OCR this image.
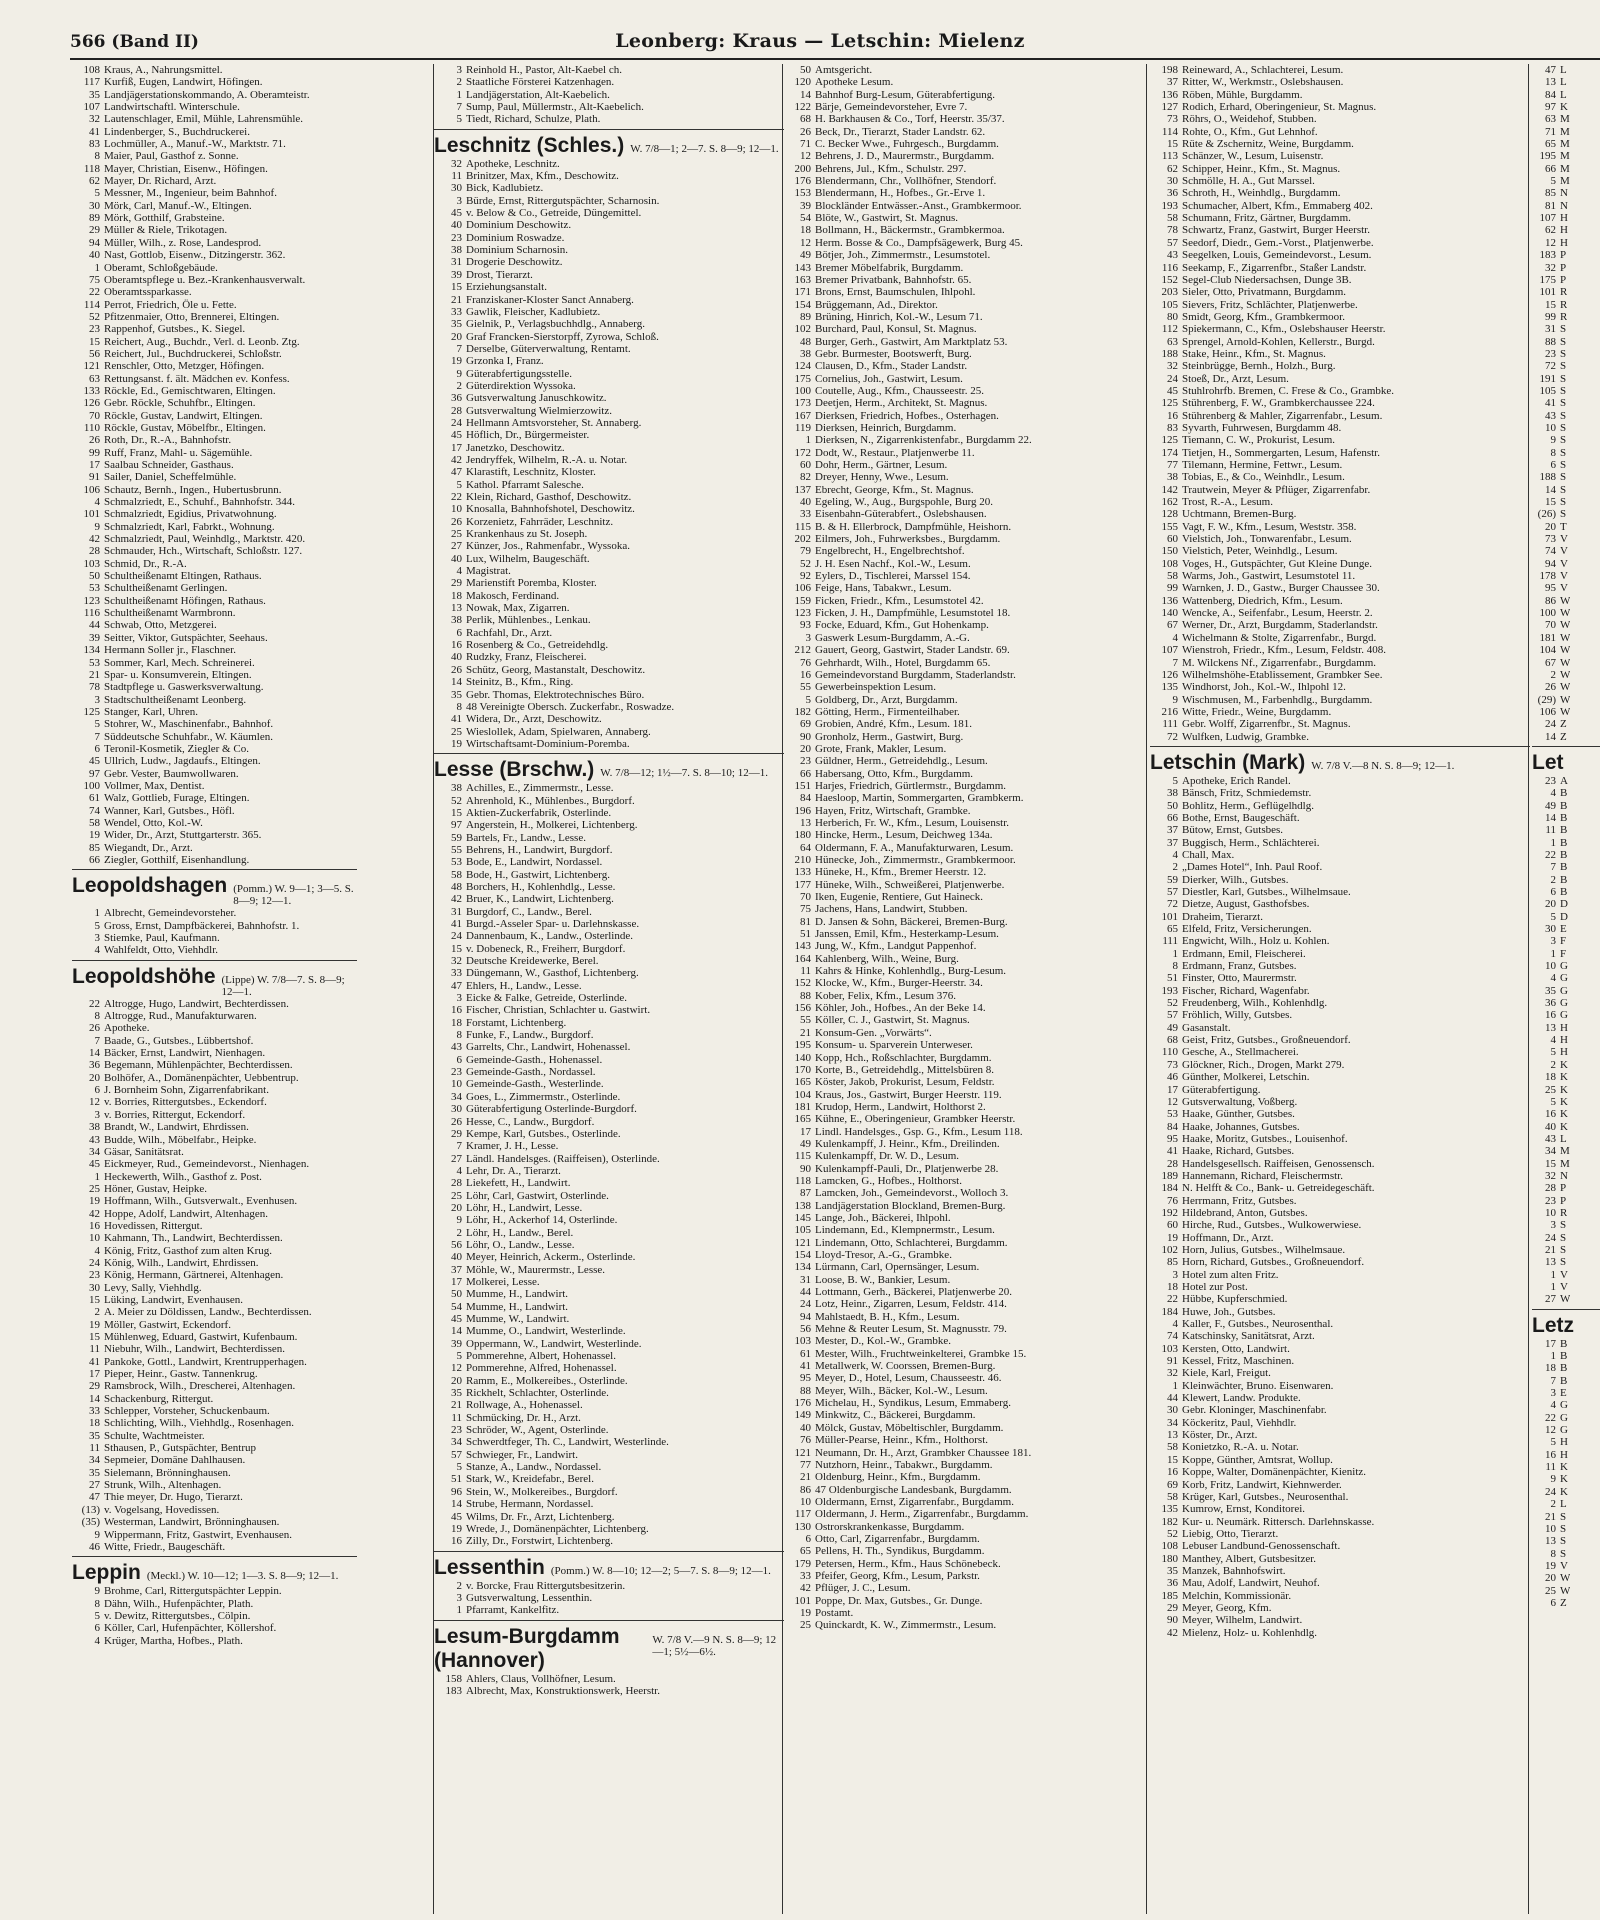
566 (Band II)	Leonberg: Kraus — Letschin: Mielenz
108 Kraus, A., Nahrungsmittel.
117 Kurfiß, Eugen, Landwirt, Höfingen.
35 Landjägerstationskommando, A. Oberamteistr.
107 Landwirtschaftl. Winterschule.
32 Lautenschlager, Emil, Mühle, Lahrensmühle.
41 Lindenberger, S., Buchdruckerei.
83 Lochmüller, A., Manuf.-W., Marktstr. 71.
8 Maier, Paul, Gasthof z. Sonne.
118 Mayer, Christian, Eisenw., Höfingen.
62 Mayer, Dr. Richard, Arzt.
5 Messner, M., Ingenieur, beim Bahnhof.
30 Mörk, Carl, Manuf.-W., Eltingen.
89 Mörk, Gotthilf, Grabsteine.
29 Müller & Riele, Trikotagen.
94 Müller, Wilh., z. Rose, Landesprod.
40 Nast, Gottlob, Eisenw., Ditzingerstr. 362.
1 Oberamt, Schloßgebäude.
75 Oberamtspflege u. Bez.-Krankenhausverwalt.
22 Oberamtssparkasse.
114 Perrot, Friedrich, Öle u. Fette.
52 Pfitzenmaier, Otto, Brennerei, Eltingen.
23 Rappenhof, Gutsbes., K. Siegel.
15 Reichert, Aug., Buchdr., Verl. d. Leonb. Ztg.
56 Reichert, Jul., Buchdruckerei, Schloßstr.
121 Renschler, Otto, Metzger, Höfingen.
63 Rettungsanst. f. ält. Mädchen ev. Konfess.
133 Röckle, Ed., Gemischtwaren, Eltingen.
126 Gebr. Röckle, Schuhfbr., Eltingen.
70 Röckle, Gustav, Landwirt, Eltingen.
110 Röckle, Gustav, Möbelfbr., Eltingen.
26 Roth, Dr., R.-A., Bahnhofstr.
99 Ruff, Franz, Mahl- u. Sägemühle.
17 Saalbau Schneider, Gasthaus.
91 Sailer, Daniel, Scheffelmühle.
106 Schautz, Bernh., Ingen., Hubertusbrunn.
4 Schmalzriedt, E., Schuhf., Bahnhofstr. 344.
101 Schmalzriedt, Egidius, Privatwohnung.
9 Schmalzriedt, Karl, Fabrkt., Wohnung.
42 Schmalzriedt, Paul, Weinhdlg., Marktstr. 420.
28 Schmauder, Hch., Wirtschaft, Schloßstr. 127.
103 Schmid, Dr., R.-A.
50 Schultheißenamt Eltingen, Rathaus.
53 Schultheißenamt Gerlingen.
123 Schultheißenamt Höfingen, Rathaus.
116 Schultheißenamt Warmbronn.
44 Schwab, Otto, Metzgerei.
39 Seitter, Viktor, Gutspächter, Seehaus.
134 Hermann Soller jr., Flaschner.
53 Sommer, Karl, Mech. Schreinerei.
21 Spar- u. Konsumverein, Eltingen.
78 Stadtpflege u. Gaswerksverwaltung.
3 Stadtschultheißenamt Leonberg.
125 Stanger, Karl, Uhren.
5 Stohrer, W., Maschinenfabr., Bahnhof.
7 Süddeutsche Schuhfabr., W. Käumlen.
6 Teronil-Kosmetik, Ziegler & Co.
45 Ullrich, Ludw., Jagdaufs., Eltingen.
97 Gebr. Vester, Baumwollwaren.
100 Vollmer, Max, Dentist.
61 Walz, Gottlieb, Furage, Eltingen.
74 Wanner, Karl, Gutsbes., Höfl.
58 Wendel, Otto, Kol.-W.
19 Wider, Dr., Arzt, Stuttgarterstr. 365.
85 Wiegandt, Dr., Arzt.
66 Ziegler, Gotthilf, Eisenhandlung.
Leopoldshagen (Pomm.) W. 9—1; 3—5. S. 8—9; 12—1.
1 Albrecht, Gemeindevorsteher.
5 Gross, Ernst, Dampfbäckerei, Bahnhofstr. 1.
3 Stiemke, Paul, Kaufmann.
4 Wahlfeldt, Otto, Viehhdlr.
Leopoldshöhe (Lippe) W. 7/8—7. S. 8—9; 12—1.
22 Altrogge, Hugo, Landwirt, Bechterdissen.
8 Altrogge, Rud., Manufakturwaren.
26 Apotheke.
7 Baade, G., Gutsbes., Lübbertshof.
14 Bäcker, Ernst, Landwirt, Nienhagen.
36 Begemann, Mühlenpächter, Bechterdissen.
20 Bolhöfer, A., Domänenpächter, Uebbentrup.
6 J. Bornheim Sohn, Zigarrenfabrikant.
12 v. Borries, Rittergutsbes., Eckendorf.
3 v. Borries, Rittergut, Eckendorf.
38 Brandt, W., Landwirt, Ehrdissen.
43 Budde, Wilh., Möbelfabr., Heipke.
34 Gäsar, Sanitätsrat.
45 Eickmeyer, Rud., Gemeindevorst., Nienhagen.
1 Heckewerth, Wilh., Gasthof z. Post.
25 Höner, Gustav, Heipke.
19 Hoffmann, Wilh., Gutsverwalt., Evenhusen.
42 Hoppe, Adolf, Landwirt, Altenhagen.
16 Hovedissen, Rittergut.
10 Kahmann, Th., Landwirt, Bechterdissen.
4 König, Fritz, Gasthof zum alten Krug.
24 König, Wilh., Landwirt, Ehrdissen.
23 König, Hermann, Gärtnerei, Altenhagen.
30 Levy, Sally, Viehhdlg.
15 Lüking, Landwirt, Evenhausen.
2 A. Meier zu Döldissen, Landw., Bechterdissen.
19 Möller, Gastwirt, Eckendorf.
15 Mühlenweg, Eduard, Gastwirt, Kufenbaum.
11 Niebuhr, Wilh., Landwirt, Bechterdissen.
41 Pankoke, Gottl., Landwirt, Krentrupperhagen.
17 Pieper, Heinr., Gastw. Tannenkrug.
29 Ramsbrock, Wilh., Drescherei, Altenhagen.
14 Schackenburg, Rittergut.
33 Schlepper, Vorsteher, Schuckenbaum.
18 Schlichting, Wilh., Viehhdlg., Rosenhagen.
35 Schulte, Wachtmeister.
11 Sthausen, P., Gutspächter, Bentrup
34 Sepmeier, Domäne Dahlhausen.
35 Sielemann, Brönninghausen.
27 Strunk, Wilh., Altenhagen.
47 Thie meyer, Dr. Hugo, Tierarzt.
(13) v. Vogelsang, Hovedissen.
(35) Westerman, Landwirt, Brönninghausen.
9 Wippermann, Fritz, Gastwirt, Evenhausen.
46 Witte, Friedr., Baugeschäft.
Leppin (Meckl.) W. 10—12; 1—3. S. 8—9; 12—1.
9 Brohme, Carl, Rittergutspächter Leppin.
8 Dähn, Wilh., Hufenpächter, Plath.
5 v. Dewitz, Rittergutsbes., Cölpin.
6 Köller, Carl, Hufenpächter, Köllershof.
4 Krüger, Martha, Hofbes., Plath.
3 Reinhold H., Pastor, Alt-Kaebel ch.
2 Staatliche Försterei Katzenhagen.
1 Landjägerstation, Alt-Kaebelich.
7 Sump, Paul, Müllermstr., Alt-Kaebelich.
5 Tiedt, Richard, Schulze, Plath.
Leschnitz (Schles.) W. 7/8—1; 2—7. S. 8—9; 12—1.
32 Apotheke, Leschnitz.
11 Brinitzer, Max, Kfm., Deschowitz.
30 Bick, Kadlubietz.
3 Bürde, Ernst, Rittergutspächter, Scharnosin.
45 v. Below & Co., Getreide, Düngemittel.
40 Dominium Deschowitz.
23 Dominium Roswadze.
38 Dominium Scharnosin.
31 Drogerie Deschowitz.
39 Drost, Tierarzt.
15 Erziehungsanstalt.
21 Franziskaner-Kloster Sanct Annaberg.
33 Gawlik, Fleischer, Kadlubietz.
35 Gielnik, P., Verlagsbuchhdlg., Annaberg.
20 Graf Francken-Sierstorpff, Zyrowa, Schloß.
7 Derselbe, Güterverwaltung, Rentamt.
19 Grzonka I, Franz.
9 Güterabfertigungsstelle.
2 Güterdirektion Wyssoka.
36 Gutsverwaltung Januschkowitz.
28 Gutsverwaltung Wielmierzowitz.
24 Hellmann Amtsvorsteher, St. Annaberg.
45 Höflich, Dr., Bürgermeister.
17 Janetzko, Deschowitz.
42 Jendryffek, Wilhelm, R.-A. u. Notar.
47 Klarastift, Leschnitz, Kloster.
5 Kathol. Pfarramt Salesche.
22 Klein, Richard, Gasthof, Deschowitz.
10 Knosalla, Bahnhofshotel, Deschowitz.
26 Korzenietz, Fahrräder, Leschnitz.
25 Krankenhaus zu St. Joseph.
27 Künzer, Jos., Rahmenfabr., Wyssoka.
40 Lux, Wilhelm, Baugeschäft.
4 Magistrat.
29 Marienstift Poremba, Kloster.
18 Makosch, Ferdinand.
13 Nowak, Max, Zigarren.
38 Perlik, Mühlenbes., Lenkau.
6 Rachfahl, Dr., Arzt.
16 Rosenberg & Co., Getreidehdlg.
40 Rudzky, Franz, Fleischerei.
26 Schütz, Georg, Mastanstalt, Deschowitz.
14 Steinitz, B., Kfm., Ring.
35 Gebr. Thomas, Elektrotechnisches Büro.
8 48 Vereinigte Obersch. Zuckerfabr., Roswadze.
41 Widera, Dr., Arzt, Deschowitz.
25 Wieslollek, Adam, Spielwaren, Annaberg.
19 Wirtschaftsamt-Dominium-Poremba.
Lesse (Brschw.) W. 7/8—12; 1½—7. S. 8—10; 12—1.
38 Achilles, E., Zimmermstr., Lesse.
52 Ahrenhold, K., Mühlenbes., Burgdorf.
15 Aktien-Zuckerfabrik, Osterlinde.
97 Angerstein, H., Molkerei, Lichtenberg.
59 Bartels, Fr., Landw., Lesse.
55 Behrens, H., Landwirt, Burgdorf.
53 Bode, E., Landwirt, Nordassel.
58 Bode, H., Gastwirt, Lichtenberg.
48 Borchers, H., Kohlenhdlg., Lesse.
42 Bruer, K., Landwirt, Lichtenberg.
31 Burgdorf, C., Landw., Berel.
41 Burgd.-Asseler Spar- u. Darlehnskasse.
24 Dannenbaum, K., Landw., Osterlinde.
15 v. Dobeneck, R., Freiherr, Burgdorf.
32 Deutsche Kreidewerke, Berel.
33 Düngemann, W., Gasthof, Lichtenberg.
47 Ehlers, H., Landw., Lesse.
3 Eicke & Falke, Getreide, Osterlinde.
16 Fischer, Christian, Schlachter u. Gastwirt.
18 Forstamt, Lichtenberg.
8 Funke, F., Landw., Burgdorf.
43 Garrelts, Chr., Landwirt, Hohenassel.
6 Gemeinde-Gasth., Hohenassel.
23 Gemeinde-Gasth., Nordassel.
10 Gemeinde-Gasth., Westerlinde.
34 Goes, L., Zimmermstr., Osterlinde.
30 Güterabfertigung Osterlinde-Burgdorf.
26 Hesse, C., Landw., Burgdorf.
29 Kempe, Karl, Gutsbes., Osterlinde.
7 Kramer, J. H., Lesse.
27 Ländl. Handelsges. (Raiffeisen), Osterlinde.
4 Lehr, Dr. A., Tierarzt.
28 Liekefett, H., Landwirt.
25 Löhr, Carl, Gastwirt, Osterlinde.
20 Löhr, H., Landwirt, Lesse.
9 Löhr, H., Ackerhof 14, Osterlinde.
2 Löhr, H., Landw., Berel.
56 Löhr, O., Landw., Lesse.
40 Meyer, Heinrich, Ackerm., Osterlinde.
37 Möhle, W., Maurermstr., Lesse.
17 Molkerei, Lesse.
50 Mumme, H., Landwirt.
54 Mumme, H., Landwirt.
45 Mumme, W., Landwirt.
14 Mumme, O., Landwirt, Westerlinde.
39 Oppermann, W., Landwirt, Westerlinde.
5 Pommerehne, Albert, Hohenassel.
12 Pommerehne, Alfred, Hohenassel.
20 Ramm, E., Molkereibes., Osterlinde.
35 Rickhelt, Schlachter, Osterlinde.
21 Rollwage, A., Hohenassel.
11 Schmücking, Dr. H., Arzt.
23 Schröder, W., Agent, Osterlinde.
34 Schwerdtfeger, Th. C., Landwirt, Westerlinde.
57 Schwieger, Fr., Landwirt.
5 Stanze, A., Landw., Nordassel.
51 Stark, W., Kreidefabr., Berel.
96 Stein, W., Molkereibes., Burgdorf.
14 Strube, Hermann, Nordassel.
45 Wilms, Dr. Fr., Arzt, Lichtenberg.
19 Wrede, J., Domänenpächter, Lichtenberg.
16 Zilly, Dr., Forstwirt, Lichtenberg.
Lessenthin (Pomm.) W. 8—10; 12—2; 5—7. S. 8—9; 12—1.
2 v. Borcke, Frau Rittergutsbesitzerin.
3 Gutsverwaltung, Lessenthin.
1 Pfarramt, Kankelfitz.
Lesum-Burgdamm (Hannover)
W. 7/8 V.—9 N. S. 8—9; 12—1; 5½—6½.
158 Ahlers, Claus, Vollhöfner, Lesum.
183 Albrecht, Max, Konstruktionswerk, Heerstr.
50 Amtsgericht.
120 Apotheke Lesum.
14 Bahnhof Burg-Lesum, Güterabfertigung.
122 Bärje, Gemeindevorsteher, Evre 7.
68 H. Barkhausen & Co., Torf, Heerstr. 35/37.
26 Beck, Dr., Tierarzt, Stader Landstr. 62.
71 C. Becker Wwe., Fuhrgesch., Burgdamm.
12 Behrens, J. D., Maurermstr., Burgdamm.
200 Behrens, Jul., Kfm., Schulstr. 297.
176 Blendermann, Chr., Vollhöfner, Stendorf.
153 Blendermann, H., Hofbes., Gr.-Erve 1.
39 Blockländer Entwässer.-Anst., Grambkermoor.
54 Blöte, W., Gastwirt, St. Magnus.
18 Bollmann, H., Bäckermstr., Grambkermoa.
12 Herm. Bosse & Co., Dampfsägewerk, Burg 45.
49 Bötjer, Joh., Zimmermstr., Lesumstotel.
143 Bremer Möbelfabrik, Burgdamm.
163 Bremer Privatbank, Bahnhofstr. 65.
171 Brons, Ernst, Baumschulen, Ihlpohl.
154 Brüggemann, Ad., Direktor.
89 Brüning, Hinrich, Kol.-W., Lesum 71.
102 Burchard, Paul, Konsul, St. Magnus.
48 Burger, Gerh., Gastwirt, Am Marktplatz 53.
38 Gebr. Burmester, Bootswerft, Burg.
124 Clausen, D., Kfm., Stader Landstr.
175 Cornelius, Joh., Gastwirt, Lesum.
100 Coutelle, Aug., Kfm., Chausseestr. 25.
173 Deetjen, Herm., Architekt, St. Magnus.
167 Dierksen, Friedrich, Hofbes., Osterhagen.
119 Dierksen, Heinrich, Burgdamm.
1 Dierksen, N., Zigarrenkistenfabr., Burgdamm 22.
172 Dodt, W., Restaur., Platjenwerbe 11.
60 Dohr, Herm., Gärtner, Lesum.
82 Dreyer, Henny, Wwe., Lesum.
137 Ebrecht, George, Kfm., St. Magnus.
40 Egeling, W., Aug., Burgspohle, Burg 20.
33 Eisenbahn-Güterabfert., Oslebshausen.
115 B. & H. Ellerbrock, Dampfmühle, Heishorn.
202 Eilmers, Joh., Fuhrwerksbes., Burgdamm.
79 Engelbrecht, H., Engelbrechtshof.
52 J. H. Esen Nachf., Kol.-W., Lesum.
92 Eylers, D., Tischlerei, Marssel 154.
106 Feige, Hans, Tabakwr., Lesum.
159 Ficken, Friedr., Kfm., Lesumstotel 42.
123 Ficken, J. H., Dampfmühle, Lesumstotel 18.
93 Focke, Eduard, Kfm., Gut Hohenkamp.
3 Gaswerk Lesum-Burgdamm, A.-G.
212 Gauert, Georg, Gastwirt, Stader Landstr. 69.
76 Gehrhardt, Wilh., Hotel, Burgdamm 65.
16 Gemeindevorstand Burgdamm, Staderlandstr.
55 Gewerbeinspektion Lesum.
5 Goldberg, Dr., Arzt, Burgdamm.
182 Götting, Herm., Firmenteilhaber.
69 Grobien, André, Kfm., Lesum. 181.
90 Gronholz, Herm., Gastwirt, Burg.
20 Grote, Frank, Makler, Lesum.
23 Güldner, Herm., Getreidehdlg., Lesum.
66 Habersang, Otto, Kfm., Burgdamm.
151 Harjes, Friedrich, Gürtlermstr., Burgdamm.
84 Haesloop, Martin, Sommergarten, Grambkerm.
196 Hayen, Fritz, Wirtschaft, Grambke.
13 Herberich, Fr. W., Kfm., Lesum, Louisenstr.
180 Hincke, Herm., Lesum, Deichweg 134a.
64 Oldermann, F. A., Manufakturwaren, Lesum.
210 Hünecke, Joh., Zimmermstr., Grambkermoor.
133 Hüneke, H., Kfm., Bremer Heerstr. 12.
177 Hüneke, Wilh., Schweißerei, Platjenwerbe.
70 Iken, Eugenie, Rentiere, Gut Haineck.
75 Jachens, Hans, Landwirt, Stubben.
81 D. Jansen & Sohn, Bäckerei, Bremen-Burg.
51 Janssen, Emil, Kfm., Hesterkamp-Lesum.
143 Jung, W., Kfm., Landgut Pappenhof.
164 Kahlenberg, Wilh., Weine, Burg.
11 Kahrs & Hinke, Kohlenhdlg., Burg-Lesum.
152 Klocke, W., Kfm., Burger-Heerstr. 34.
88 Kober, Felix, Kfm., Lesum 376.
156 Köhler, Joh., Hofbes., An der Beke 14.
55 Köller, C. J., Gastwirt, St. Magnus.
21 Konsum-Gen. „Vorwärts“.
195 Konsum- u. Sparverein Unterweser.
140 Kopp, Hch., Roßschlachter, Burgdamm.
170 Korte, B., Getreidehdlg., Mittelsbüren 8.
165 Köster, Jakob, Prokurist, Lesum, Feldstr.
104 Kraus, Jos., Gastwirt, Burger Heerstr. 119.
181 Krudop, Herm., Landwirt, Holthorst 2.
165 Kühne, E., Oberingenieur, Grambker Heerstr.
17 Lindl. Handelsges., Gsp. G., Kfm., Lesum 118.
49 Kulenkampff, J. Heinr., Kfm., Dreilinden.
115 Kulenkampff, Dr. W. D., Lesum.
90 Kulenkampff-Pauli, Dr., Platjenwerbe 28.
118 Lamcken, G., Hofbes., Holthorst.
87 Lamcken, Joh., Gemeindevorst., Wolloch 3.
138 Landjägerstation Blockland, Bremen-Burg.
145 Lange, Joh., Bäckerei, Ihlpohl.
105 Lindemann, Ed., Klempnermstr., Lesum.
121 Lindemann, Otto, Schlachterei, Burgdamm.
154 Lloyd-Tresor, A.-G., Grambke.
134 Lürmann, Carl, Opernsänger, Lesum.
31 Loose, B. W., Bankier, Lesum.
44 Lottmann, Gerh., Bäckerei, Platjenwerbe 20.
24 Lotz, Heinr., Zigarren, Lesum, Feldstr. 414.
94 Mahlstaedt, B. H., Kfm., Lesum.
56 Mehne & Reuter Lesum, St. Magnusstr. 79.
103 Mester, D., Kol.-W., Grambke.
61 Mester, Wilh., Fruchtweinkelterei, Grambke 15.
41 Metallwerk, W. Coorssen, Bremen-Burg.
95 Meyer, D., Hotel, Lesum, Chausseestr. 46.
88 Meyer, Wilh., Bäcker, Kol.-W., Lesum.
176 Michelau, H., Syndikus, Lesum, Emmaberg.
149 Minkwitz, C., Bäckerei, Burgdamm.
40 Mölck, Gustav, Möbeltischler, Burgdamm.
76 Müller-Pearse, Heinr., Kfm., Holthorst.
121 Neumann, Dr. H., Arzt, Grambker Chaussee 181.
77 Nutzhorn, Heinr., Tabakwr., Burgdamm.
21 Oldenburg, Heinr., Kfm., Burgdamm.
86 47 Oldenburgische Landesbank, Burgdamm.
10 Oldermann, Ernst, Zigarrenfabr., Burgdamm.
117 Oldermann, J. Herm., Zigarrenfabr., Burgdamm.
130 Ostrorskrankenkasse, Burgdamm.
6 Otto, Carl, Zigarrenfabr., Burgdamm.
65 Pellens, H. Th., Syndikus, Burgdamm.
179 Petersen, Herm., Kfm., Haus Schönebeck.
33 Pfeifer, Georg, Kfm., Lesum, Parkstr.
42 Pflüger, J. C., Lesum.
101 Poppe, Dr. Max, Gutsbes., Gr. Dunge.
19 Postamt.
25 Quinckardt, K. W., Zimmermstr., Lesum.
198 Reineward, A., Schlachterei, Lesum.
37 Ritter, W., Werkmstr., Oslebshausen.
136 Röben, Mühle, Burgdamm.
127 Rodich, Erhard, Oberingenieur, St. Magnus.
73 Röhrs, O., Weidehof, Stubben.
114 Rohte, O., Kfm., Gut Lehnhof.
15 Rüte & Zschernitz, Weine, Burgdamm.
113 Schänzer, W., Lesum, Luisenstr.
62 Schipper, Heinr., Kfm., St. Magnus.
30 Schmölle, H. A., Gut Marssel.
36 Schroth, H., Weinhdlg., Burgdamm.
193 Schumacher, Albert, Kfm., Emmaberg 402.
58 Schumann, Fritz, Gärtner, Burgdamm.
78 Schwartz, Franz, Gastwirt, Burger Heerstr.
57 Seedorf, Diedr., Gem.-Vorst., Platjenwerbe.
43 Seegelken, Louis, Gemeindevorst., Lesum.
116 Seekamp, F., Zigarrenfbr., Staßer Landstr.
152 Segel-Club Niedersachsen, Dunge 3B.
203 Sieler, Otto, Privatmann, Burgdamm.
105 Sievers, Fritz, Schlächter, Platjenwerbe.
80 Smidt, Georg, Kfm., Grambkermoor.
112 Spiekermann, C., Kfm., Oslebshauser Heerstr.
63 Sprengel, Arnold-Kohlen, Kellerstr., Burgd.
188 Stake, Heinr., Kfm., St. Magnus.
32 Steinbrügge, Bernh., Holzh., Burg.
24 Stoeß, Dr., Arzt, Lesum.
45 Stuhlrohrfb. Bremen, C. Frese & Co., Grambke.
125 Stührenberg, F. W., Grambkerchaussee 224.
16 Stührenberg & Mahler, Zigarrenfabr., Lesum.
83 Syvarth, Fuhrwesen, Burgdamm 48.
125 Tiemann, C. W., Prokurist, Lesum.
174 Tietjen, H., Sommergarten, Lesum, Hafenstr.
77 Tilemann, Hermine, Fettwr., Lesum.
38 Tobias, E., & Co., Weinhdlr., Lesum.
142 Trautwein, Meyer & Pflüger, Zigarrenfabr.
162 Trost, R.-A., Lesum.
128 Uchtmann, Bremen-Burg.
155 Vagt, F. W., Kfm., Lesum, Weststr. 358.
60 Vielstich, Joh., Tonwarenfabr., Lesum.
150 Vielstich, Peter, Weinhdlg., Lesum.
108 Voges, H., Gutspächter, Gut Kleine Dunge.
58 Warms, Joh., Gastwirt, Lesumstotel 11.
99 Warnken, J. D., Gastw., Burger Chaussee 30.
136 Wattenberg, Diedrich, Kfm., Lesum.
140 Wencke, A., Seifenfabr., Lesum, Heerstr. 2.
67 Werner, Dr., Arzt, Burgdamm, Staderlandstr.
4 Wichelmann & Stolte, Zigarrenfabr., Burgd.
107 Wienstroh, Friedr., Kfm., Lesum, Feldstr. 408.
7 M. Wilckens Nf., Zigarrenfabr., Burgdamm.
126 Wilhelmshöhe-Etablissement, Grambker See.
135 Windhorst, Joh., Kol.-W., Ihlpohl 12.
9 Wischmusen, M., Farbenhdlg., Burgdamm.
216 Witte, Friedr., Weine, Burgdamm.
111 Gebr. Wolff, Zigarrenfbr., St. Magnus.
72 Wulfken, Ludwig, Grambke.
Letschin (Mark) W. 7/8 V.—8 N. S. 8—9; 12—1.
5 Apotheke, Erich Randel.
38 Bänsch, Fritz, Schmiedemstr.
50 Bohlitz, Herm., Geflügelhdlg.
66 Bothe, Ernst, Baugeschäft.
37 Bütow, Ernst, Gutsbes.
37 Buggisch, Herm., Schlächterei.
4 Chall, Max.
2 „Dames Hotel“, Inh. Paul Roof.
59 Dierker, Wilh., Gutsbes.
57 Diestler, Karl, Gutsbes., Wilhelmsaue.
72 Dietze, August, Gasthofsbes.
101 Draheim, Tierarzt.
65 Elfeld, Fritz, Versicherungen.
111 Engwicht, Wilh., Holz u. Kohlen.
1 Erdmann, Emil, Fleischerei.
8 Erdmann, Franz, Gutsbes.
51 Finster, Otto, Maurermstr.
193 Fischer, Richard, Wagenfabr.
52 Freudenberg, Wilh., Kohlenhdlg.
57 Fröhlich, Willy, Gutsbes.
49 Gasanstalt.
68 Geist, Fritz, Gutsbes., Großneuendorf.
110 Gesche, A., Stellmacherei.
73 Glöckner, Rich., Drogen, Markt 279.
46 Günther, Molkerei, Letschin.
17 Güterabfertigung.
12 Gutsverwaltung, Voßberg.
53 Haake, Günther, Gutsbes.
84 Haake, Johannes, Gutsbes.
95 Haake, Moritz, Gutsbes., Louisenhof.
41 Haake, Richard, Gutsbes.
28 Handelsgesellsch. Raiffeisen, Genossensch.
189 Hannemann, Richard, Fleischermstr.
184 N. Helfft & Co., Bank- u. Getreidegeschäft.
76 Herrmann, Fritz, Gutsbes.
192 Hildebrand, Anton, Gutsbes.
60 Hirche, Rud., Gutsbes., Wulkowerwiese.
19 Hoffmann, Dr., Arzt.
102 Horn, Julius, Gutsbes., Wilhelmsaue.
85 Horn, Richard, Gutsbes., Großneuendorf.
3 Hotel zum alten Fritz.
18 Hotel zur Post.
22 Hübbe, Kupferschmied.
184 Huwe, Joh., Gutsbes.
4 Kaller, F., Gutsbes., Neurosenthal.
74 Katschinsky, Sanitätsrat, Arzt.
103 Kersten, Otto, Landwirt.
91 Kessel, Fritz, Maschinen.
32 Kiele, Karl, Freigut.
1 Kleinwächter, Bruno. Eisenwaren.
44 Klewert, Landw. Produkte.
30 Gebr. Kloninger, Maschinenfabr.
34 Köckeritz, Paul, Viehhdlr.
13 Köster, Dr., Arzt.
58 Konietzko, R.-A. u. Notar.
15 Koppe, Günther, Amtsrat, Wollup.
16 Koppe, Walter, Domänenpächter, Kienitz.
69 Korb, Fritz, Landwirt, Kiehnwerder.
58 Krüger, Karl, Gutsbes., Neurosenthal.
135 Kumrow, Ernst, Konditorei.
182 Kur- u. Neumärk. Rittersch. Darlehnskasse.
52 Liebig, Otto, Tierarzt.
108 Lebuser Landbund-Genossenschaft.
180 Manthey, Albert, Gutsbesitzer.
35 Manzek, Bahnhofswirt.
36 Mau, Adolf, Landwirt, Neuhof.
185 Melchin, Kommissionär.
29 Meyer, Georg, Kfm.
90 Meyer, Wilhelm, Landwirt.
42 Mielenz, Holz- u. Kohlenhdlg.
47 L
13 L
84 L
97 K
63 M
71 M
65 M
195 M
66 M
5 M
85 N
81 N
107 H
62 H
12 H
183 P
32 P
175 P
101 R
15 R
99 R
31 S
88 S
23 S
72 S
191 S
105 S
41 S
43 S
10 S
9 S
8 S
6 S
188 S
14 S
15 S
(26) S
20 T
73 V
74 V
94 V
178 V
95 V
86 W
100 W
70 W
181 W
104 W
67 W
2 W
26 W
(29) W
106 W
24 Z
14 Z
Let
23 A
4 B
49 B
14 B
11 B
1 B
22 B
7 B
2 B
6 B
20 D
5 D
30 E
3 F
1 F
10 G
4 G
35 G
36 G
16 G
13 H
4 H
5 H
2 K
18 K
25 K
5 K
16 K
40 K
43 L
34 M
15 M
32 N
28 P
23 P
10 R
3 S
24 S
21 S
13 S
1 V
1 V
27 W
Letz
17 B
1 B
18 B
7 B
3 E
4 G
22 G
12 G
5 H
16 H
11 K
9 K
24 K
2 L
21 S
10 S
13 S
8 S
19 V
20 W
25 W
6 Z
